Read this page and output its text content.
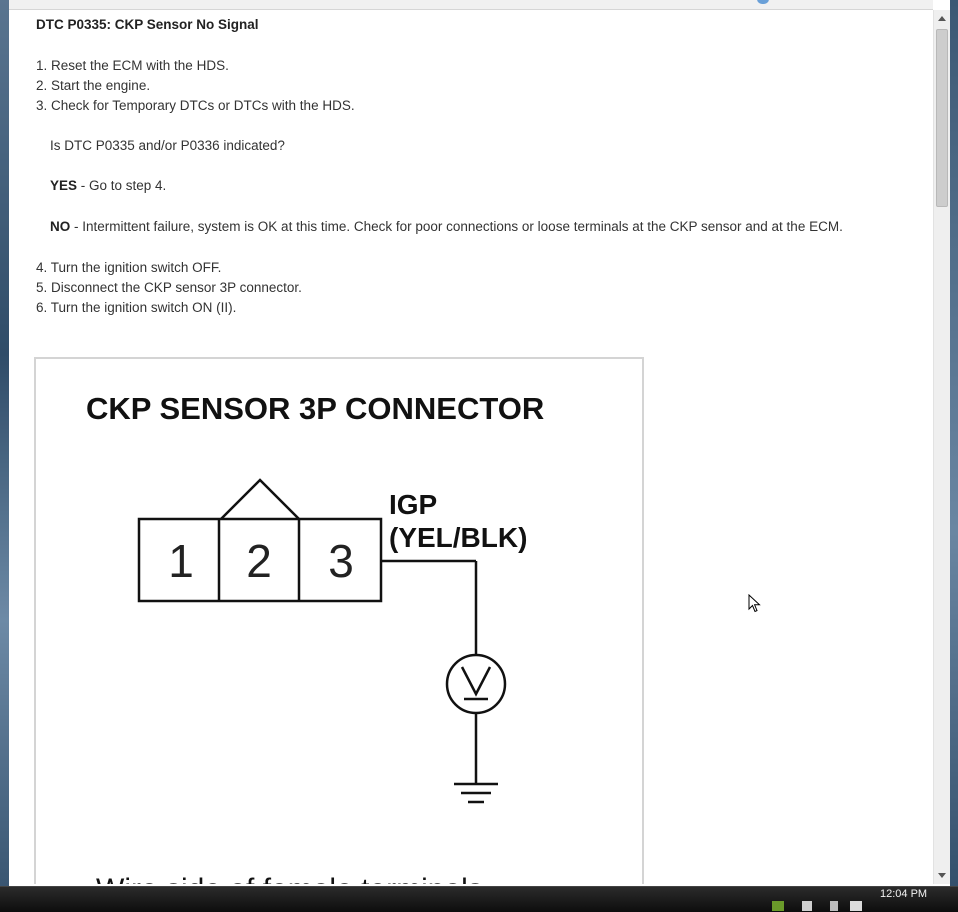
DTC P0335: CKP Sensor No Signal

1. Reset the ECM with the HDS.
2. Start the engine.
3. Check for Temporary DTCs or DTCs with the HDS.

Is DTC P0335 and/or P0336 indicated?

YES - Go to step 4.

NO - Intermittent failure, system is OK at this time. Check for poor connections or loose terminals at the CKP sensor and at the ECM.

4. Turn the ignition switch OFF.
5. Disconnect the CKP sensor 3P connector.
6. Turn the ignition switch ON (II).
CKP SENSOR 3P CONNECTOR
1 2 3
IGP
(YEL/BLK)
12:04 PM
